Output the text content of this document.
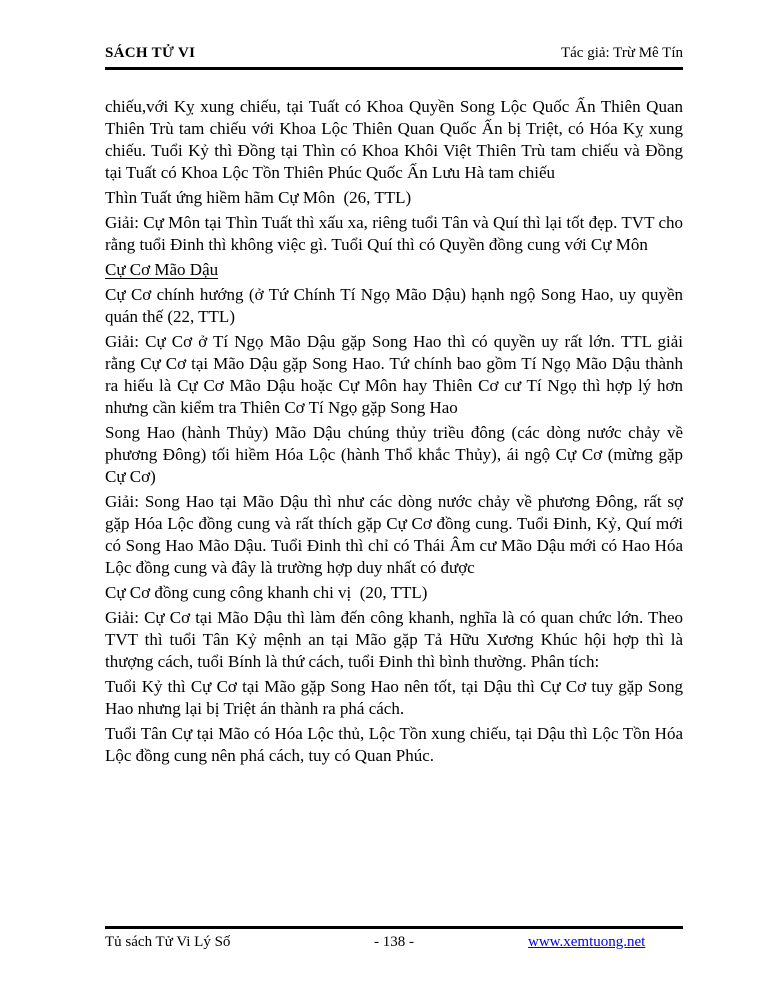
SÁCH TỬ VI	Tác giả: Trừ Mê Tín

chiếu,với Kỵ xung chiếu, tại Tuất có Khoa Quyền Song Lộc Quốc Ấn Thiên Quan Thiên Trù tam chiếu với Khoa Lộc Thiên Quan Quốc Ấn bị Triệt, có Hóa Kỵ xung chiếu. Tuổi Kỷ thì Đồng tại Thìn có Khoa Khôi Việt Thiên Trù tam chiếu và Đồng tại Tuất có Khoa Lộc Tồn Thiên Phúc Quốc Ấn Lưu Hà tam chiếu

Thìn Tuất ứng hiềm hãm Cự Môn  (26, TTL)

Giải: Cự Môn tại Thìn Tuất thì xấu xa, riêng tuổi Tân và Quí thì lại tốt đẹp. TVT cho rằng tuổi Đinh thì không việc gì. Tuổi Quí thì có Quyền đồng cung với Cự Môn

Cự Cơ Mão Dậu

Cự Cơ chính hướng (ở Tứ Chính Tí Ngọ Mão Dậu) hạnh ngộ Song Hao, uy quyền quán thế (22, TTL)

Giải: Cự Cơ ở Tí Ngọ Mão Dậu gặp Song Hao thì có quyền uy rất lớn. TTL giải rằng Cự Cơ tại Mão Dậu gặp Song Hao. Tứ chính bao gồm Tí Ngọ Mão Dậu thành ra hiếu là Cự Cơ Mão Dậu hoặc Cự Môn hay Thiên Cơ cư Tí Ngọ thì hợp lý hơn nhưng cần kiểm tra Thiên Cơ Tí Ngọ gặp Song Hao

Song Hao (hành Thủy) Mão Dậu chúng thủy triều đông (các dòng nước chảy về phương Đông) tối hiềm Hóa Lộc (hành Thổ khắc Thủy), ái ngộ Cự Cơ (mừng gặp Cự Cơ)

Giải: Song Hao tại Mão Dậu thì như các dòng nước chảy về phương Đông, rất sợ gặp Hóa Lộc đồng cung và rất thích gặp Cự Cơ đồng cung. Tuổi Đinh, Kỷ, Quí mới có Song Hao Mão Dậu. Tuổi Đinh thì chỉ có Thái Âm cư Mão Dậu mới có Hao Hóa Lộc đồng cung và đây là trường hợp duy nhất có được

Cự Cơ đồng cung công khanh chi vị  (20, TTL)

Giải: Cự Cơ tại Mão Dậu thì làm đến công khanh, nghĩa là có quan chức lớn. Theo TVT thì tuổi Tân Kỷ mệnh an tại Mão gặp Tả Hữu Xương Khúc hội hợp thì là thượng cách, tuổi Bính là thứ cách, tuổi Đinh thì bình thường. Phân tích:

Tuổi Kỷ thì Cự Cơ tại Mão gặp Song Hao nên tốt, tại Dậu thì Cự Cơ tuy gặp Song Hao nhưng lại bị Triệt án thành ra phá cách.

Tuổi Tân Cự tại Mão có Hóa Lộc thủ, Lộc Tồn xung chiếu, tại Dậu thì Lộc Tồn Hóa Lộc đồng cung nên phá cách, tuy có Quan Phúc.

Tủ sách Tử Vi Lý Số	- 138 -	www.xemtuong.net
